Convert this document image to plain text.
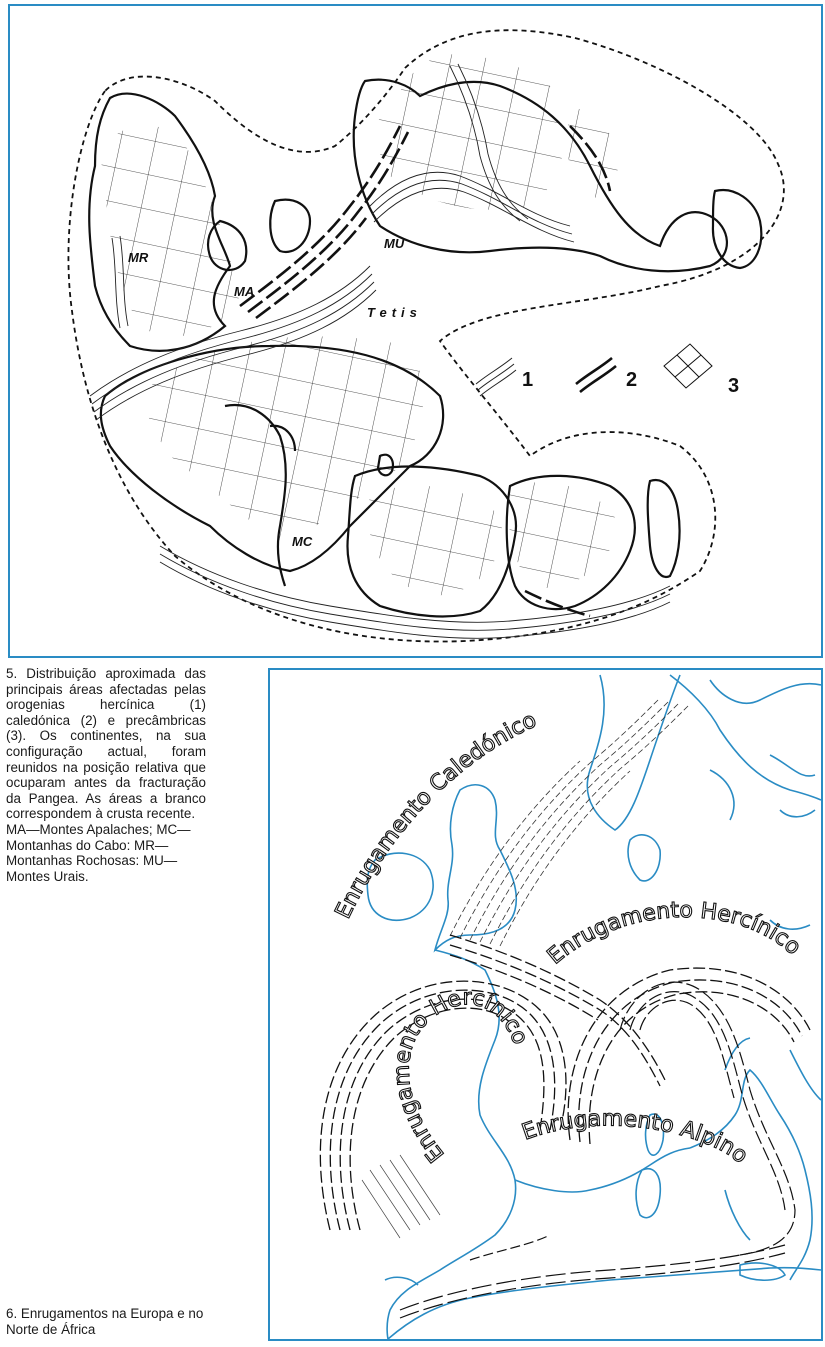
MR
MA
MU
MC
Tetis
1	2	3
5. Distribuição aproximada das principais áreas afectadas pelas orogenias hercínica (1) caledónica (2) e precâmbricas (3). Os continentes, na sua configuração actual, foram reunidos na posição relativa que ocuparam antes da fracturação da Pangea. As áreas a branco correspondem à crusta recente.
MA—Montes Apalaches; MC—Montanhas do Cabo: MR—Montanhas Rochosas: MU—Montes Urais.
Enrugamento Caledónico
Enrugamento Hercínico
Enrugamento Hercínico
Enrugamento Alpino
6. Enrugamentos na Europa e no Norte de África
